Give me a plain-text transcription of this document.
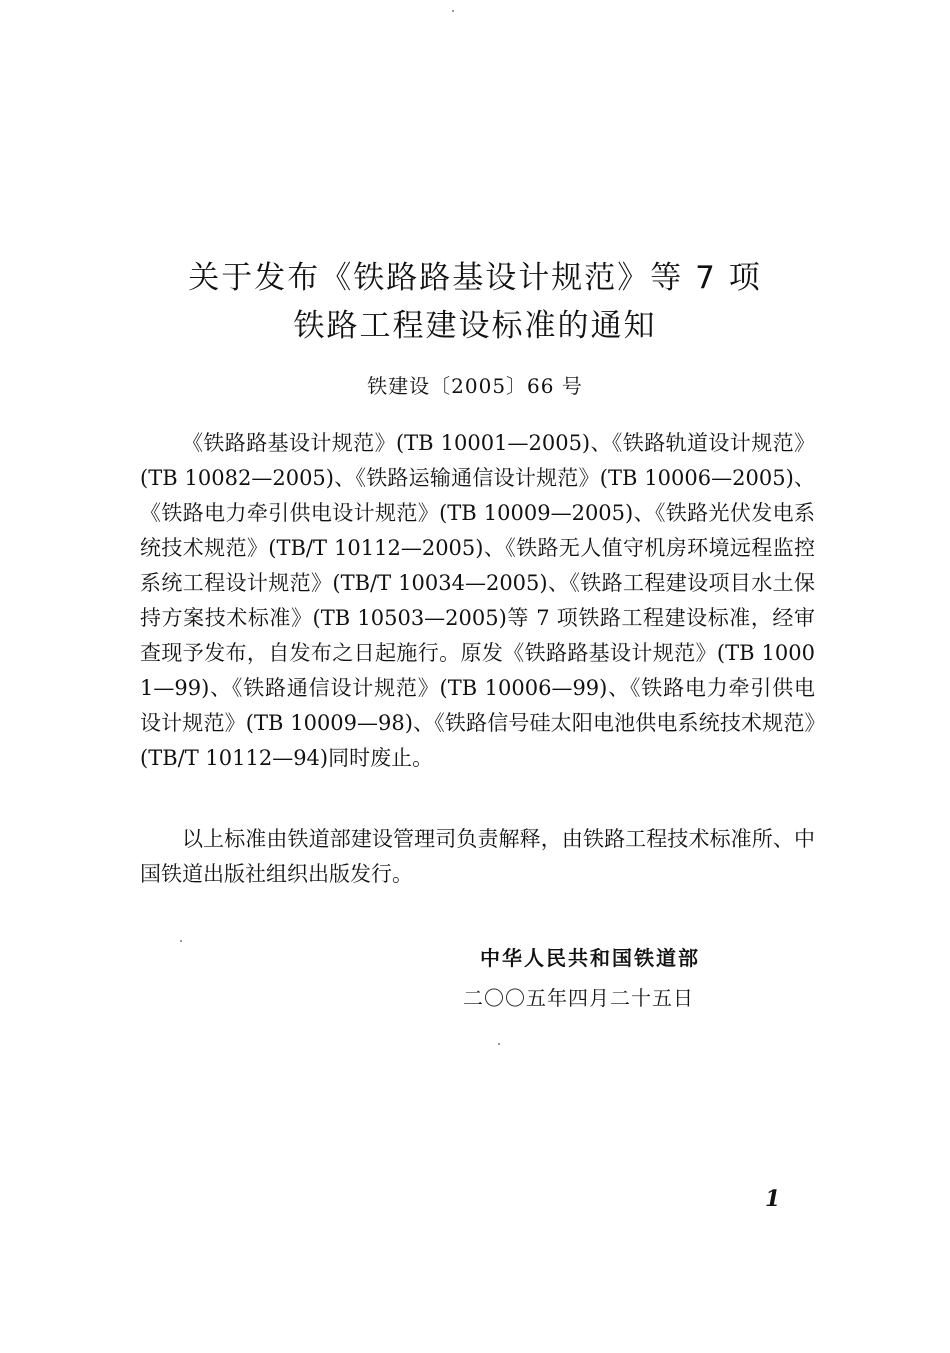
关于发布《铁路路基设计规范》等 7 项
铁路工程建设标准的通知
铁建设〔2005〕66 号

《铁路路基设计规范》(TB 10001—2005)、《铁路轨道设计规范》(TB 10082—2005)、《铁路运输通信设计规范》(TB 10006—2005)、《铁路电力牵引供电设计规范》(TB 10009—2005)、《铁路光伏发电系统技术规范》(TB/T 10112—2005)、《铁路无人值守机房环境远程监控系统工程设计规范》(TB/T 10034—2005)、《铁路工程建设项目水土保持方案技术标准》(TB 10503—2005)等 7 项铁路工程建设标准，经审查现予发布，自发布之日起施行。原发《铁路路基设计规范》(TB 10001—99)、《铁路通信设计规范》(TB 10006—99)、《铁路电力牵引供电设计规范》(TB 10009—98)、《铁路信号硅太阳电池供电系统技术规范》(TB/T 10112—94)同时废止。

以上标准由铁道部建设管理司负责解释，由铁路工程技术标准所、中国铁道出版社组织出版发行。

中华人民共和国铁道部
二〇〇五年四月二十五日
1
